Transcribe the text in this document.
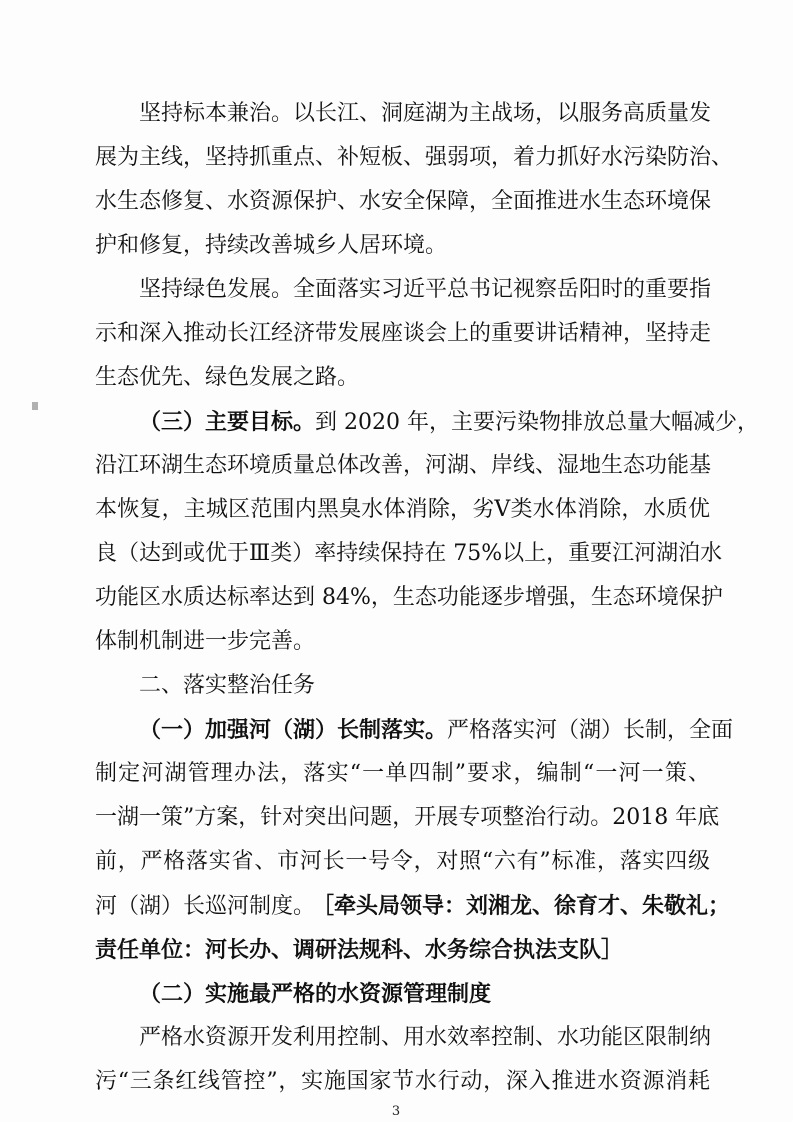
坚持标本兼治。以长江、洞庭湖为主战场，以服务高质量发
展为主线，坚持抓重点、补短板、强弱项，着力抓好水污染防治、
水生态修复、水资源保护、水安全保障，全面推进水生态环境保
护和修复，持续改善城乡人居环境。
坚持绿色发展。全面落实习近平总书记视察岳阳时的重要指
示和深入推动长江经济带发展座谈会上的重要讲话精神，坚持走
生态优先、绿色发展之路。
（三）主要目标。到 2020 年，主要污染物排放总量大幅减少，
沿江环湖生态环境质量总体改善，河湖、岸线、湿地生态功能基
本恢复，主城区范围内黑臭水体消除，劣Ⅴ类水体消除，水质优
良（达到或优于Ⅲ类）率持续保持在 75%以上，重要江河湖泊水
功能区水质达标率达到 84%，生态功能逐步增强，生态环境保护
体制机制进一步完善。
二、落实整治任务
（一）加强河（湖）长制落实。严格落实河（湖）长制，全面
制定河湖管理办法，落实“一单四制”要求，编制“一河一策、
一湖一策”方案，针对突出问题，开展专项整治行动。2018 年底
前，严格落实省、市河长一号令，对照“六有”标准，落实四级
河（湖）长巡河制度。 ［牵头局领导：刘湘龙、徐育才、朱敬礼；
责任单位：河长办、调研法规科、水务综合执法支队］
（二）实施最严格的水资源管理制度
严格水资源开发利用控制、用水效率控制、水功能区限制纳
污“三条红线管控”，实施国家节水行动，深入推进水资源消耗
3
